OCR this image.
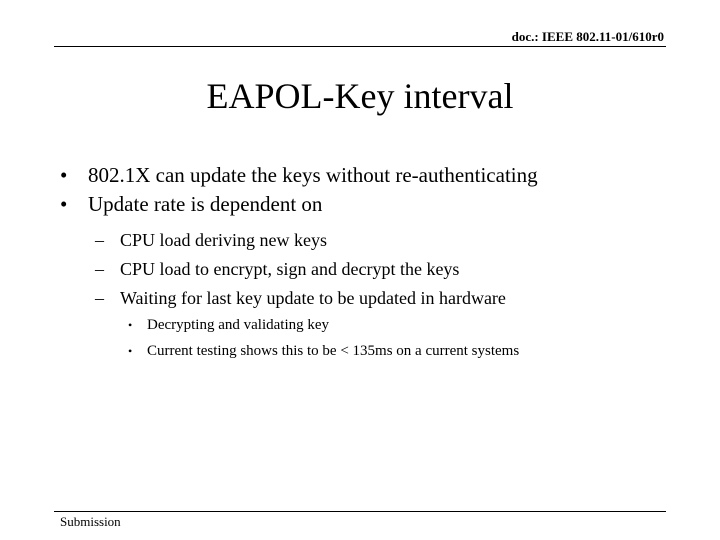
doc.: IEEE 802.11-01/610r0
EAPOL-Key interval
• 802.1X can update the keys without re-authenticating
• Update rate is dependent on
– CPU load deriving new keys
– CPU load to encrypt, sign and decrypt the keys
– Waiting for last key update to be updated in hardware
• Decrypting and validating key
• Current testing shows this to be < 135ms on a current systems
Submission
